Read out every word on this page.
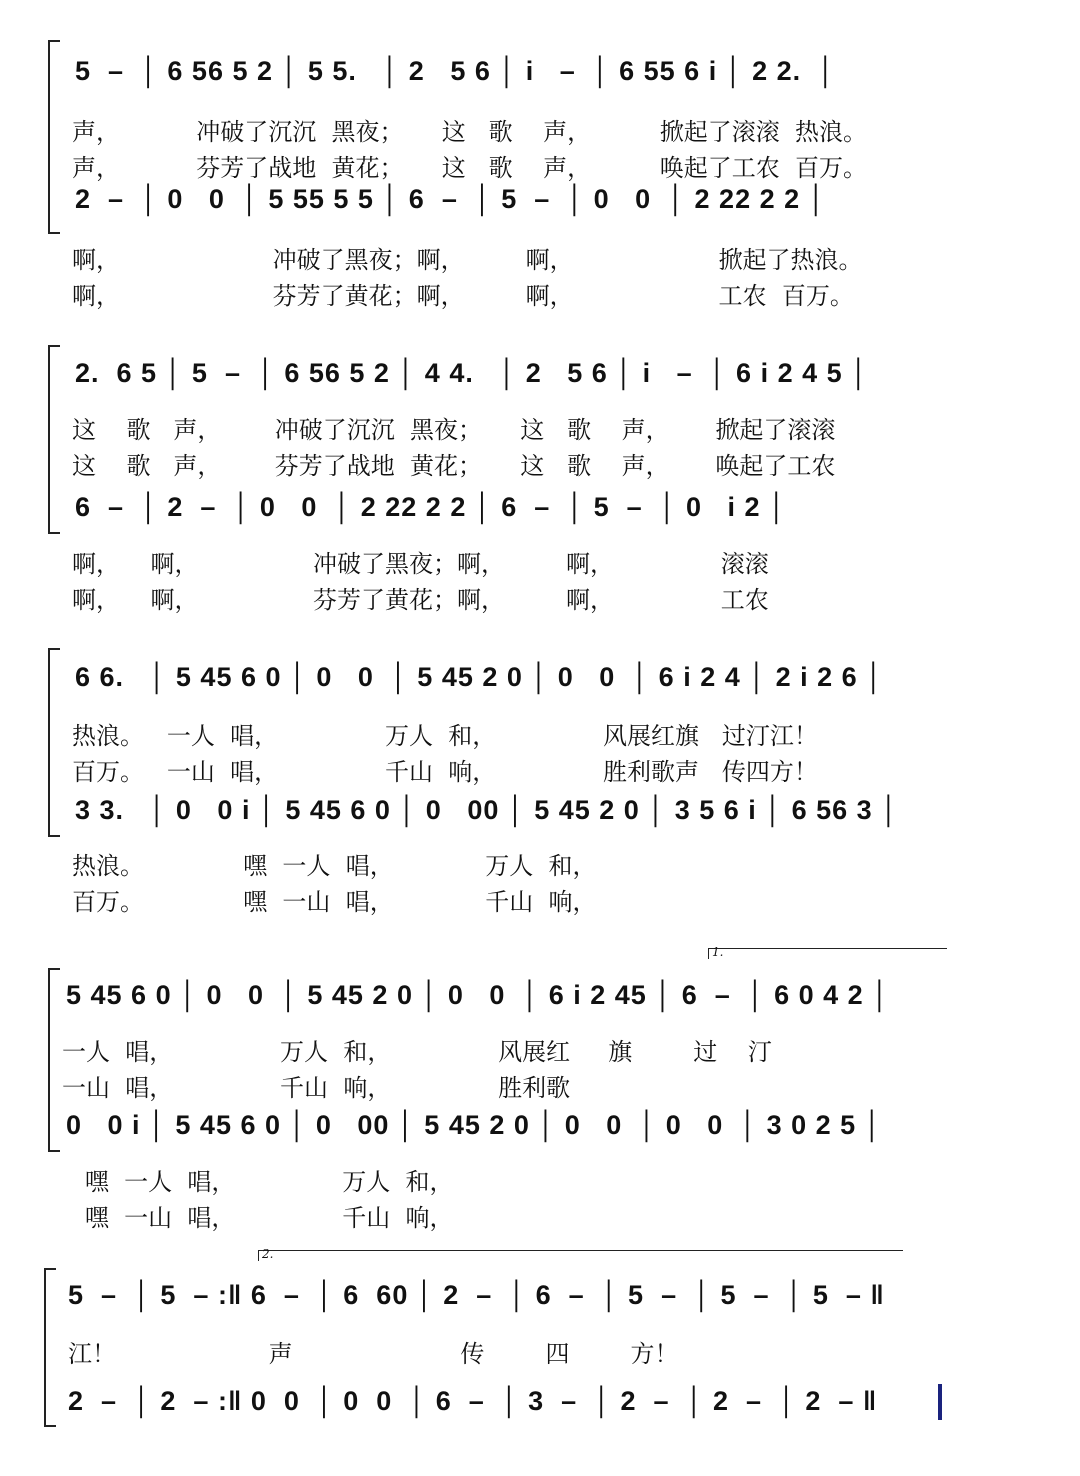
5  –  │ 6 56 5 2 │ 5 5.   │ 2   5 6 │ i   –  │ 6 55 6 i │ 2 2.  │
声，          冲破了沉沉  黑夜；     这   歌    声，         掀起了滚滚  热浪。
声，          芬芳了战地  黄花；     这   歌    声，         唤起了工农  百万。
2  –  │ 0   0  │ 5 55 5 5 │ 6  –  │ 5  –  │ 0   0  │ 2 22 2 2 │
啊，                    冲破了黑夜；啊，        啊，                   掀起了热浪。
啊，                    芬芳了黄花；啊，        啊，                   工农  百万。
2.  6 5 │ 5  –  │ 6 56 5 2 │ 4 4.   │ 2   5 6 │ i   –  │ 6 i 2 4 5 │
这    歌   声，       冲破了沉沉  黑夜；     这   歌    声，      掀起了滚滚
这    歌   声，       芬芳了战地  黄花；     这   歌    声，      唤起了工农
6  –  │ 2  –  │ 0   0  │ 2 22 2 2 │ 6  –  │ 5  –  │ 0   i 2 │
啊，    啊，               冲破了黑夜；啊，        啊，              滚滚
啊，    啊，               芬芳了黄花；啊，        啊，              工农
6 6.   │ 5 45 6 0 │ 0   0  │ 5 45 2 0 │ 0   0  │ 6 i 2 4 │ 2 i 2 6 │
热浪。   一人  唱，              万人  和，              风展红旗   过汀江！
百万。   一山  唱，              千山  响，              胜利歌声   传四方！
3 3.   │ 0   0 i │ 5 45 6 0 │ 0   00 │ 5 45 2 0 │ 3 5 6 i │ 6 56 3 │
热浪。             嘿  一人  唱，            万人  和，
百万。             嘿  一山  唱，            千山  响，
1.
5 45 6 0 │ 0   0  │ 5 45 2 0 │ 0   0  │ 6 i 2 45 │ 6  –  │ 6 0 4 2 │
一人  唱，              万人  和，              风展红     旗        过    汀
一山  唱，              千山  响，              胜利歌
0   0 i │ 5 45 6 0 │ 0   00 │ 5 45 2 0 │ 0   0  │ 0   0  │ 3 0 2 5 │
嘿  一人  唱，              万人  和，
嘿  一山  唱，              千山  响，
2.
5  –  │ 5  – :‖ 6  –  │ 6  60 │ 2  –  │ 6  –  │ 5  –  │ 5  –  │ 5  – ‖
江！                    声                      传        四        方！
2  –  │ 2  – :‖ 0  0  │ 0  0  │ 6  –  │ 3  –  │ 2  –  │ 2  –  │ 2  – ‖
